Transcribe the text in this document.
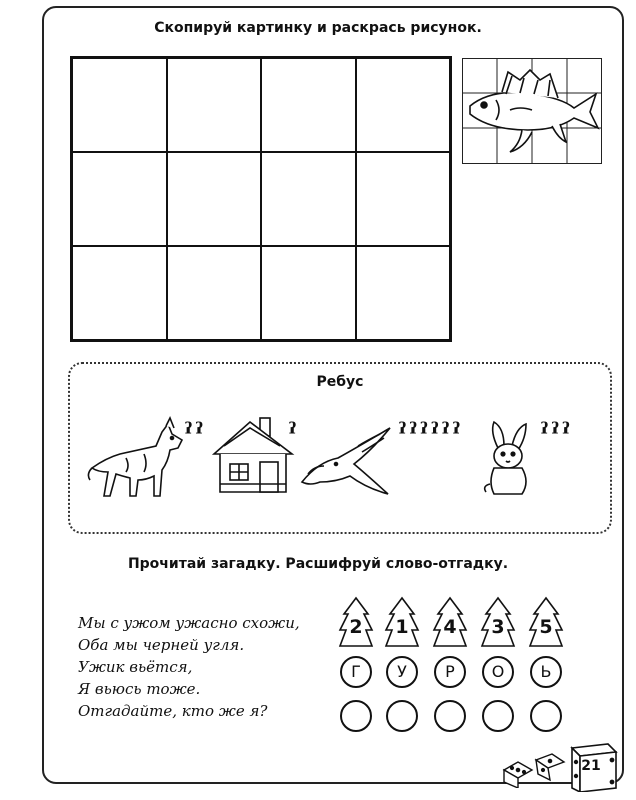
Скопируй картинку и раскрась рисунок.
Ребус
ˀˀ	ˀ	ˀˀˀˀˀˀ	ˀˀˀ
Прочитай загадку. Расшифруй слово-отгадку.
Мы с ужом ужасно схожи,
Оба мы черней угля.
Ужик вьётся,
Я вьюсь тоже.
Отгадайте, кто же я?
2	1	4	3	5
Г	У	Р	О	Ь
21
